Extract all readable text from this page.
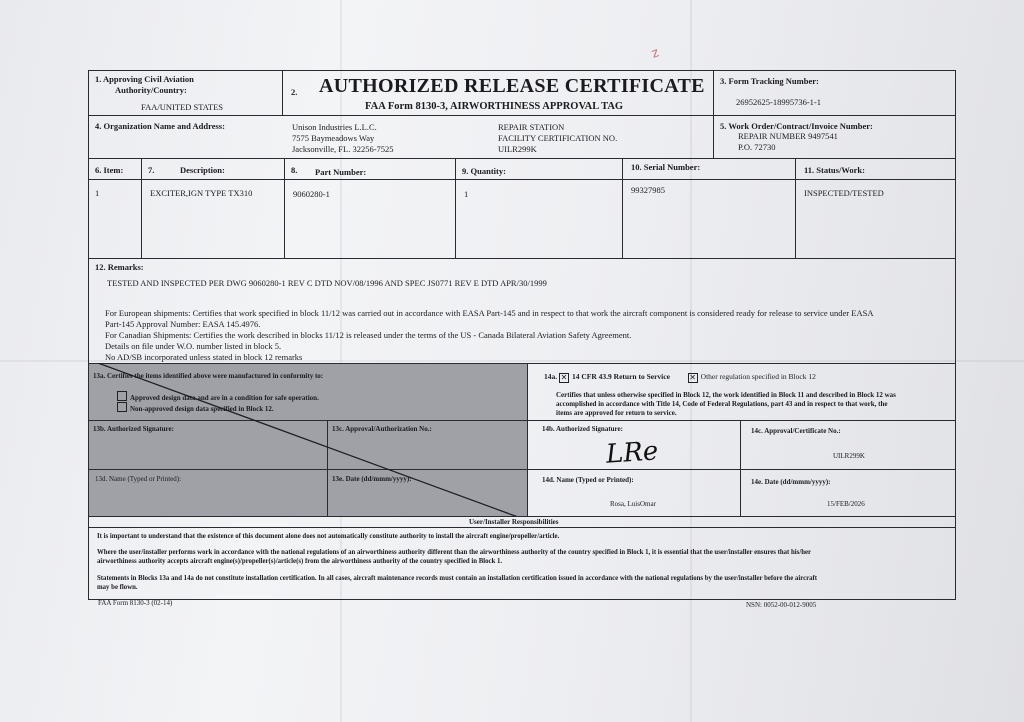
z
1. Approving Civil Aviation
Authority/Country:
FAA/UNITED STATES
2. AUTHORIZED RELEASE CERTIFICATE
FAA Form 8130-3, AIRWORTHINESS APPROVAL TAG
3. Form Tracking Number:
26952625-18995736-1-1
4. Organization Name and Address:	Unison Industries L.L.C.
7575 Baymeadows Way
Jacksonville, FL. 32256-7525
REPAIR STATION
FACILITY CERTIFICATION NO.
UILR299K
5. Work Order/Contract/Invoice Number:
REPAIR NUMBER 9497541
P.O. 72730
6. Item:	7.	Description:	8. Part Number:	9. Quantity:	10. Serial Number:	11. Status/Work:
1	EXCITER,IGN TYPE TX310	9060280-1	1	99327985	INSPECTED/TESTED
12. Remarks:
TESTED AND INSPECTED PER DWG 9060280-1 REV C DTD NOV/08/1996 AND SPEC JS0771 REV E DTD APR/30/1999
For European shipments: Certifies that work specified in block 11/12 was carried out in accordance with EASA Part-145 and in respect to that work the aircraft component is considered ready for release to service under EASA
Part-145 Approval Number: EASA 145.4976.
For Canadian Shipments: Certifies the work described in blocks 11/12 is released under the terms of the US - Canada Bilateral Aviation Safety Agreement.
Details on file under W.O. number listed in block 5.
No AD/SB incorporated unless stated in block 12 remarks
13a. Certifies the items identified above were manufactured in conformity to:
Approved design data and are in a condition for safe operation.
Non-approved design data specified in Block 12.
13b. Authorized Signature:	13c. Approval/Authorization No.:
13d. Name (Typed or Printed):	13e. Date (dd/mmm/yyyy):
14a. ✕ 14 CFR 43.9 Return to Service ✕ Other regulation specified in Block 12
Certifies that unless otherwise specified in Block 12, the work identified in Block 11 and described in Block 12 was
accomplished in accordance with Title 14, Code of Federal Regulations, part 43 and in respect to that work, the
items are approved for return to service.
14b. Authorized Signature:
LRe
14c. Approval/Certificate No.:
UILR299K
14d. Name (Typed or Printed):
Rosa, LuisOmar
14e. Date (dd/mmm/yyyy):
15/FEB/2026
User/Installer Responsibilities
It is important to understand that the existence of this document alone does not automatically constitute authority to install the aircraft engine/propeller/article.
Where the user/installer performs work in accordance with the national regulations of an airworthiness authority different than the airworthiness authority of the country specified in Block 1, it is essential that the user/installer ensures that his/her
airworthiness authority accepts aircraft engine(s)/propeller(s)/article(s) from the airworthiness authority of the country specified in Block 1.
Statements in Blocks 13a and 14a do not constitute installation certification. In all cases, aircraft maintenance records must contain an installation certification issued in accordance with the national regulations by the user/installer before the aircraft
may be flown.
FAA Form 8130-3 (02-14)	NSN: 0052-00-012-9005
